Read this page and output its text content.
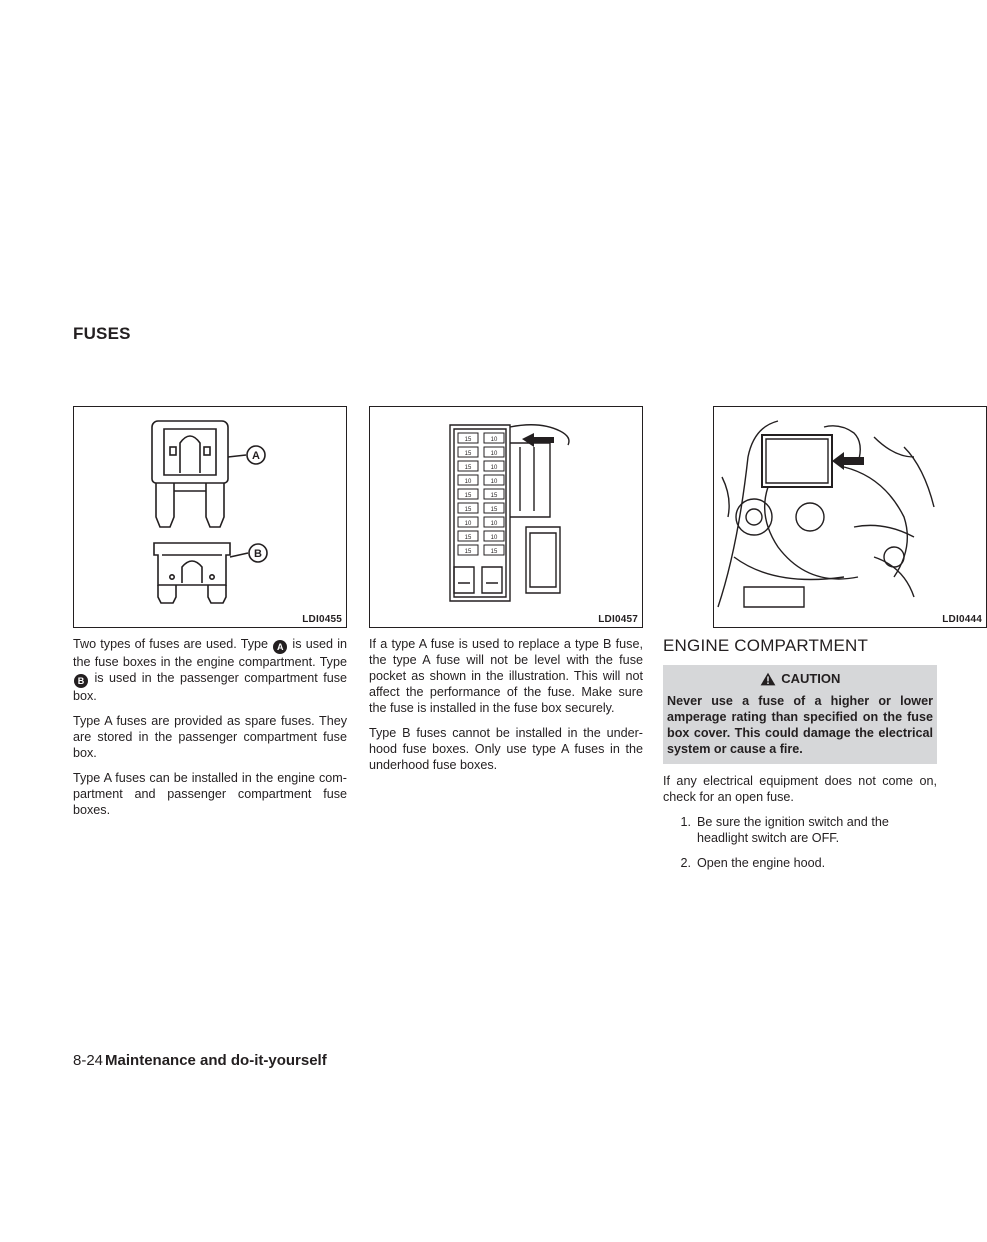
FUSES
A
B
LDI0455
15
15
15
10
15
15
10
15
15
10
10
10
10
15
15
10
10
15
LDI0457	LDI0444

Two types of fuses are used. Type A is used in the fuse boxes in the engine compartment. Type B is used in the passenger compartment fuse box.

Type A fuses are provided as spare fuses. They are stored in the passenger compartment fuse box.

Type A fuses can be installed in the engine com-partment and passenger compartment fuse boxes.

If a type A fuse is used to replace a type B fuse, the type A fuse will not be level with the fuse pocket as shown in the illustration. This will not affect the performance of the fuse. Make sure the fuse is installed in the fuse box securely.

Type B fuses cannot be installed in the under-hood fuse boxes. Only use type A fuses in the underhood fuse boxes.

ENGINE COMPARTMENT
CAUTION
Never use a fuse of a higher or lower amperage rating than specified on the fuse box cover. This could damage the electrical system or cause a fire.

If any electrical equipment does not come on, check for an open fuse.

1. Be sure the ignition switch and the headlight switch are OFF.
2. Open the engine hood.
8-24 Maintenance and do-it-yourself
